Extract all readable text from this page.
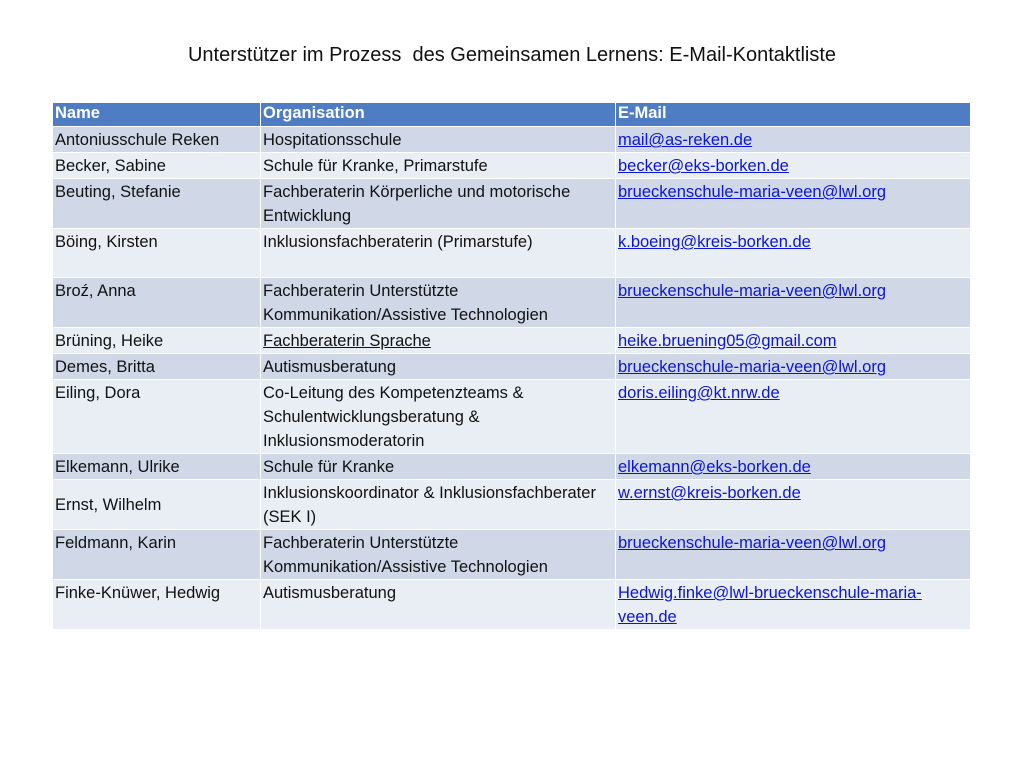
Unterstützer im Prozess  des Gemeinsamen Lernens: E-Mail-Kontaktliste
Name	Organisation	E-Mail
Antoniusschule Reken	Hospitationsschule	mail@as-reken.de
Becker, Sabine	Schule für Kranke, Primarstufe	becker@eks-borken.de
Beuting, Stefanie	Fachberaterin Körperliche und motorische Entwicklung	brueckenschule-maria-veen@lwl.org
Böing, Kirsten	Inklusionsfachberaterin (Primarstufe)	k.boeing@kreis-borken.de
Broź, Anna	Fachberaterin Unterstützte Kommunikation/Assistive Technologien	brueckenschule-maria-veen@lwl.org
Brüning, Heike	Fachberaterin Sprache	heike.bruening05@gmail.com
Demes, Britta	Autismusberatung	brueckenschule-maria-veen@lwl.org
Eiling, Dora	Co-Leitung des Kompetenzteams & Schulentwicklungsberatung & Inklusionsmoderatorin	doris.eiling@kt.nrw.de
Elkemann, Ulrike	Schule für Kranke	elkemann@eks-borken.de
Ernst, Wilhelm	Inklusionskoordinator & Inklusionsfachberater (SEK I)	w.ernst@kreis-borken.de
Feldmann, Karin	Fachberaterin Unterstützte Kommunikation/Assistive Technologien	brueckenschule-maria-veen@lwl.org
Finke-Knüwer, Hedwig	Autismusberatung	Hedwig.finke@lwl-brueckenschule-maria-veen.de
